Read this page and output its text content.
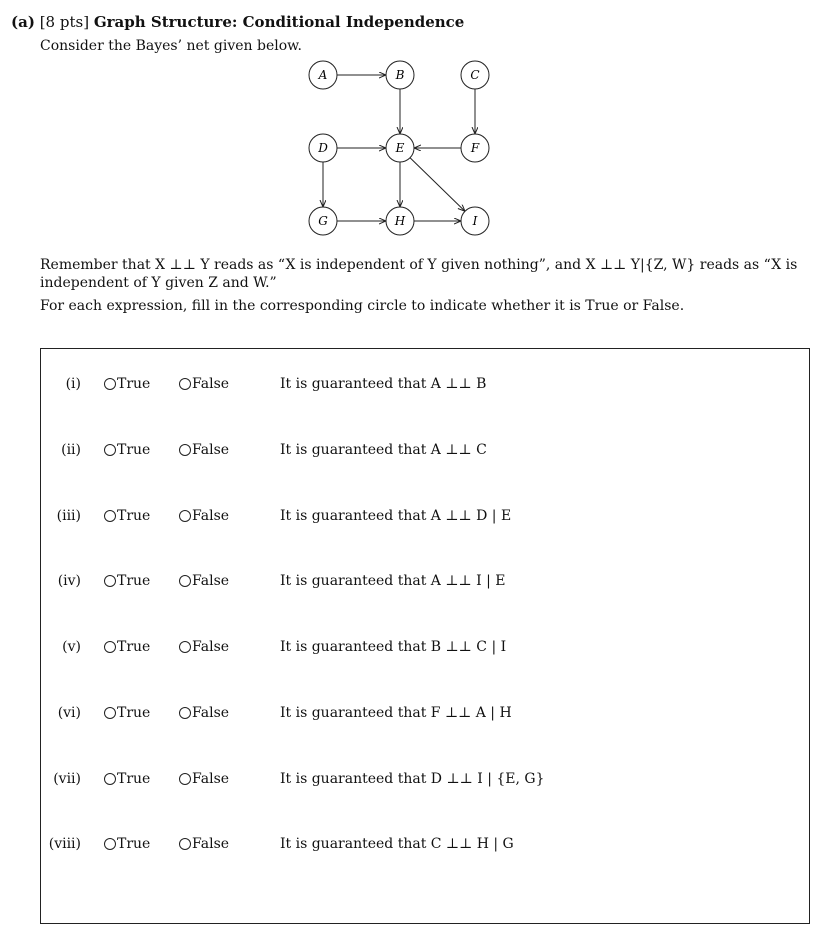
(a) [8 pts] Graph Structure: Conditional Independence
Consider the Bayes’ net given below.
A	B	C
D	E	F
G	H	I
Remember that X ⊥⊥ Y reads as “X is independent of Y given nothing”, and X ⊥⊥ Y|{Z, W} reads as “X is independent of Y given Z and W.”
For each expression, fill in the corresponding circle to indicate whether it is True or False.
(i)	True	False	It is guaranteed that A ⊥⊥ B
(ii)	True	False	It is guaranteed that A ⊥⊥ C
(iii)	True	False	It is guaranteed that A ⊥⊥ D | E
(iv)	True	False	It is guaranteed that A ⊥⊥ I | E
(v)	True	False	It is guaranteed that B ⊥⊥ C | I
(vi)	True	False	It is guaranteed that F ⊥⊥ A | H
(vii)	True	False	It is guaranteed that D ⊥⊥ I | {E, G}
(viii)	True	False	It is guaranteed that C ⊥⊥ H | G
